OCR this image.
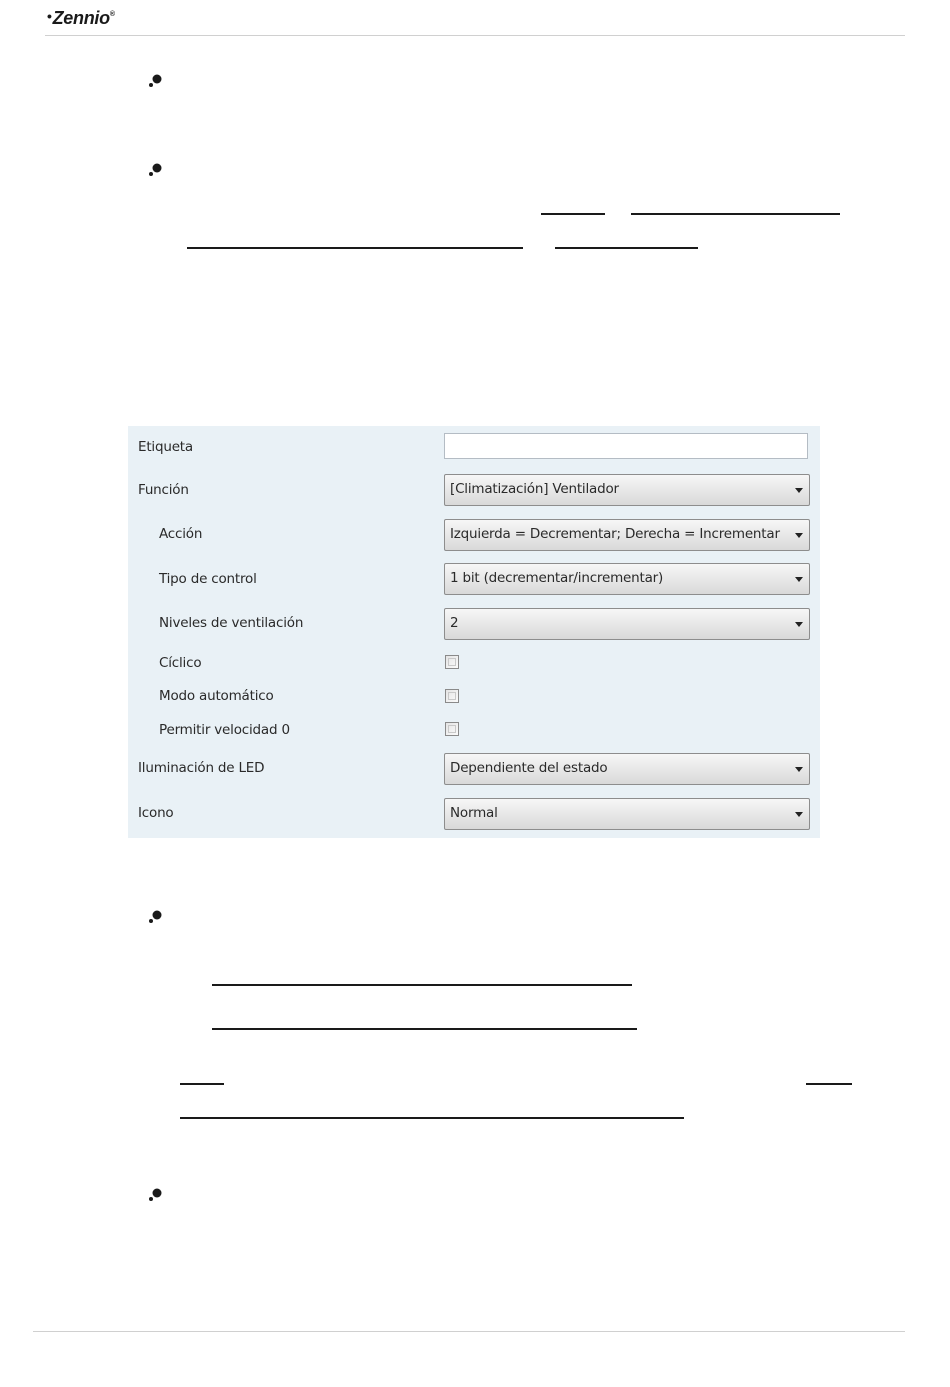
•Zennio®
Etiqueta
Función	[Climatización] Ventilador
Acción	Izquierda = Decrementar; Derecha = Incrementar
Tipo de control	1 bit (decrementar/incrementar)
Niveles de ventilación	2
Cíclico
Modo automático
Permitir velocidad 0
Iluminación de LED	Dependiente del estado
Icono	Normal
